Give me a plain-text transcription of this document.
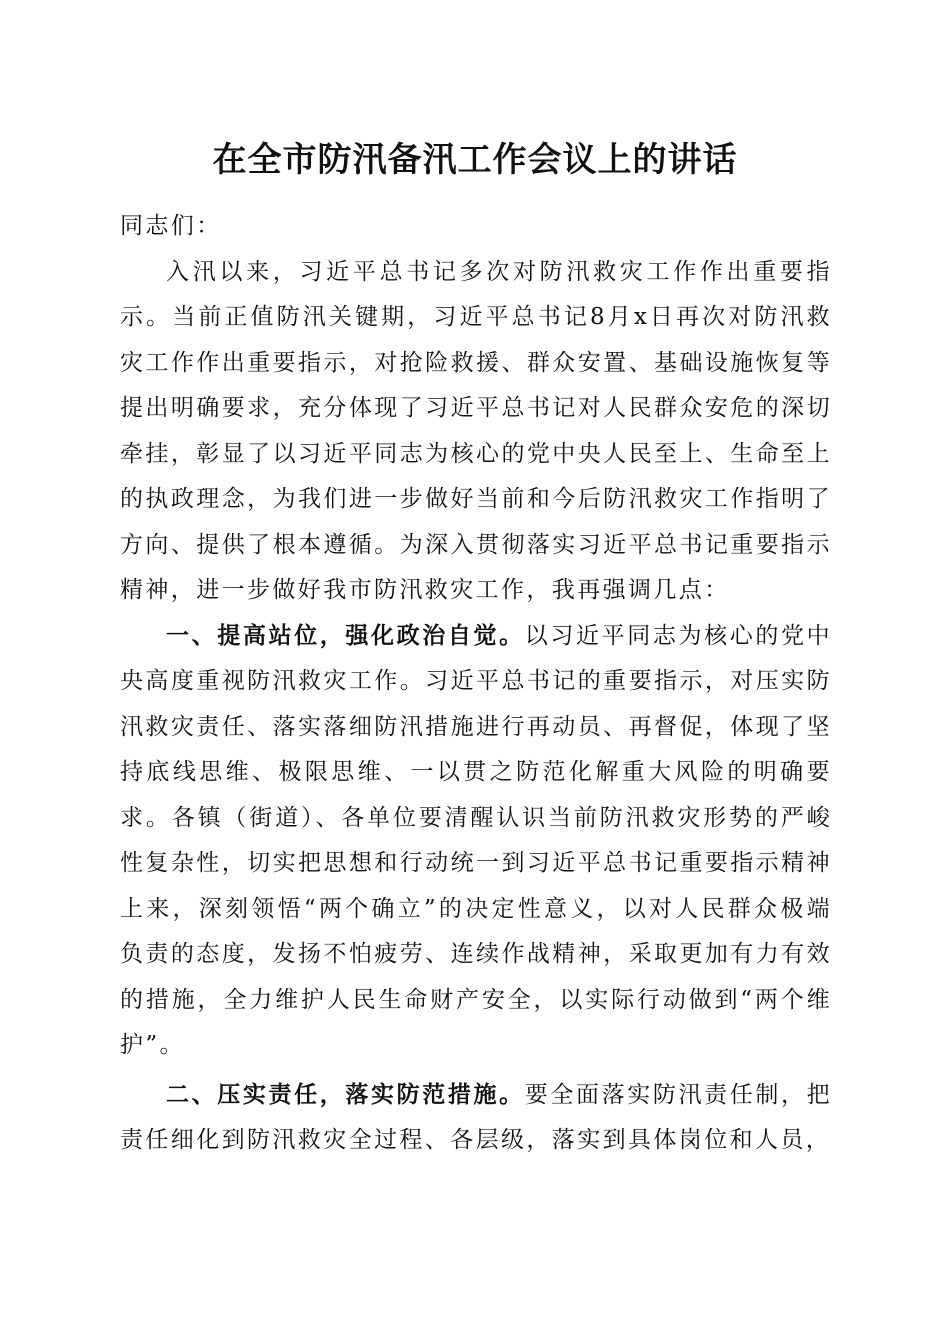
在全市防汛备汛工作会议上的讲话

同志们：

入汛以来，习近平总书记多次对防汛救灾工作作出重要指示。当前正值防汛关键期，习近平总书记8月x日再次对防汛救灾工作作出重要指示，对抢险救援、群众安置、基础设施恢复等提出明确要求，充分体现了习近平总书记对人民群众安危的深切牵挂，彰显了以习近平同志为核心的党中央人民至上、生命至上的执政理念，为我们进一步做好当前和今后防汛救灾工作指明了方向、提供了根本遵循。为深入贯彻落实习近平总书记重要指示精神，进一步做好我市防汛救灾工作，我再强调几点：

一、提高站位，强化政治自觉。以习近平同志为核心的党中央高度重视防汛救灾工作。习近平总书记的重要指示，对压实防汛救灾责任、落实落细防汛措施进行再动员、再督促，体现了坚持底线思维、极限思维、一以贯之防范化解重大风险的明确要求。各镇（街道）、各单位要清醒认识当前防汛救灾形势的严峻性复杂性，切实把思想和行动统一到习近平总书记重要指示精神上来，深刻领悟“两个确立”的决定性意义，以对人民群众极端负责的态度，发扬不怕疲劳、连续作战精神，采取更加有力有效的措施，全力维护人民生命财产安全，以实际行动做到“两个维护”。

二、压实责任，落实防范措施。要全面落实防汛责任制，把责任细化到防汛救灾全过程、各层级，落实到具体岗位和人员，
